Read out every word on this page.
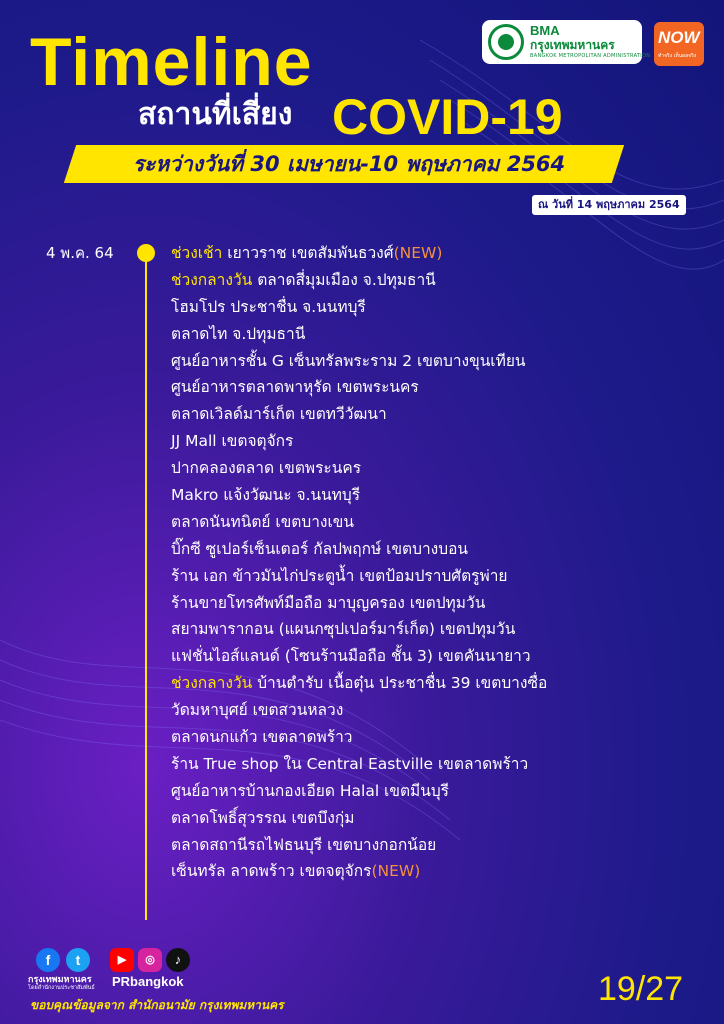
Timeline
สถานที่เสี่ยง COVID-19
ระหว่างวันที่ 30 เมษายน-10 พฤษภาคม 2564
ณ วันที่ 14 พฤษภาคม 2564
BMA
กรุงเทพมหานคร
BANGKOK METROPOLITAN ADMINISTRATION
NOW
ทำจริง เห็นผลจริง
4 พ.ค. 64	ช่วงเช้า เยาวราช เขตสัมพันธวงศ์(NEW)
ช่วงกลางวัน ตลาดสี่มุมเมือง จ.ปทุมธานี
โฮมโปร ประชาชื่น จ.นนทบุรี
ตลาดไท จ.ปทุมธานี
ศูนย์อาหารชั้น G เซ็นทรัลพระราม 2 เขตบางขุนเทียน
ศูนย์อาหารตลาดพาหุรัด เขตพระนคร
ตลาดเวิลด์มาร์เก็ต เขตทวีวัฒนา
JJ Mall เขตจตุจักร
ปากคลองตลาด เขตพระนคร
Makro แจ้งวัฒนะ จ.นนทบุรี
ตลาดนันทนิตย์ เขตบางเขน
บิ๊กซี ซูเปอร์เซ็นเตอร์ กัลปพฤกษ์ เขตบางบอน
ร้าน เอก ข้าวมันไก่ประตูน้ำ เขตป้อมปราบศัตรูพ่าย
ร้านขายโทรศัพท์มือถือ มาบุญครอง เขตปทุมวัน
สยามพารากอน (แผนกซุปเปอร์มาร์เก็ต) เขตปทุมวัน
แฟชั่นไอส์แลนด์ (โซนร้านมือถือ ชั้น 3) เขตคันนายาว
ช่วงกลางวัน บ้านตำรับ เนื้อตุ๋น ประชาชื่น 39 เขตบางซื่อ
วัดมหาบุศย์ เขตสวนหลวง
ตลาดนกแก้ว เขตลาดพร้าว
ร้าน True shop ใน Central Eastville เขตลาดพร้าว
ศูนย์อาหารบ้านกองเอียด Halal เขตมีนบุรี
ตลาดโพธิ์สุวรรณ เขตบึงกุ่ม
ตลาดสถานีรถไฟธนบุรี เขตบางกอกน้อย
เซ็นทรัล ลาดพร้าว เขตจตุจักร(NEW)
f	t	▶	◎	♪
กรุงเทพมหานคร
โดยสำนักงานประชาสัมพันธ์ PRbangkok
ขอบคุณข้อมูลจาก สำนักอนามัย กรุงเทพมหานคร	19/27
